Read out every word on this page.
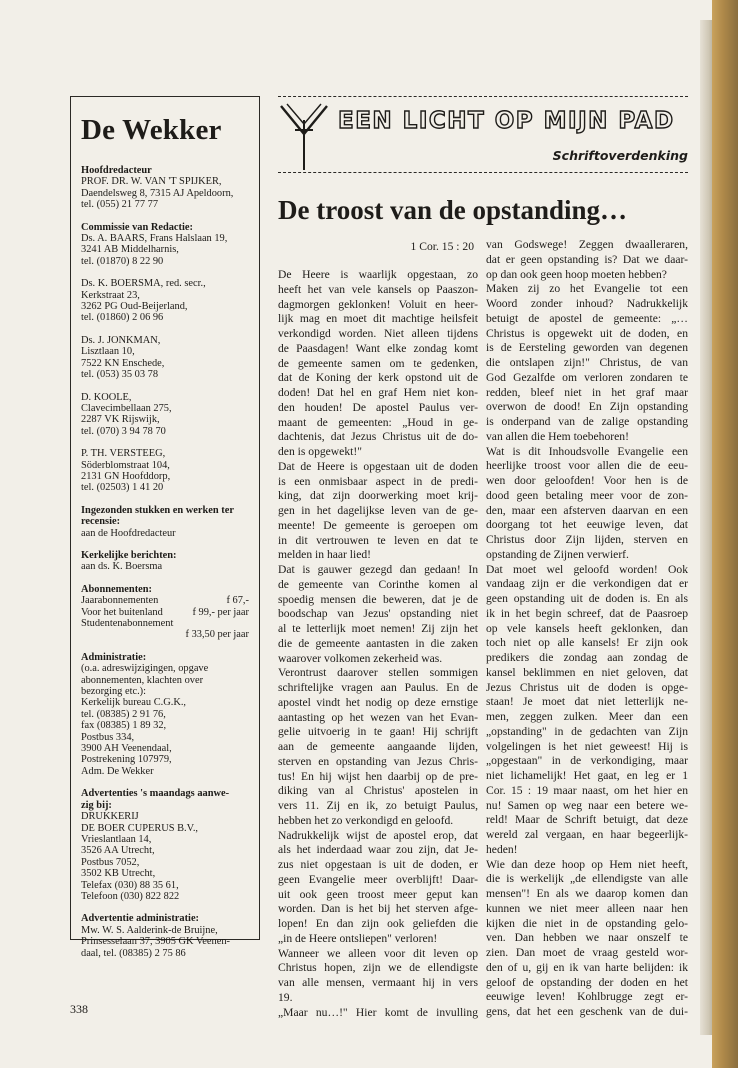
De Wekker
Hoofdredacteur
PROF. DR. W. VAN 'T SPIJKER,
Daendelsweg 8, 7315 AJ Apeldoorn,
tel. (055) 21 77 77
Commissie van Redactie:
Ds. A. BAARS, Frans Halslaan 19,
3241 AB Middelharnis,
tel. (01870) 8 22 90
Ds. K. BOERSMA, red. secr.,
Kerkstraat 23,
3262 PG Oud-Beijerland,
tel. (01860) 2 06 96
Ds. J. JONKMAN,
Lisztlaan 10,
7522 KN Enschede,
tel. (053) 35 03 78
D. KOOLE,
Clavecimbellaan 275,
2287 VK Rijswijk,
tel. (070) 3 94 78 70
P. TH. VERSTEEG,
Söderblomstraat 104,
2131 GN Hoofddorp,
tel. (02503) 1 41 20
Ingezonden stukken en werken ter
recensie:
aan de Hoofdredacteur
Kerkelijke berichten:
aan ds. K. Boersma
Abonnementen:
Jaarabonnementen	f 67,-
Voor het buitenland	f 99,- per jaar
Studentenabonnement
f 33,50 per jaar
Administratie:
(o.a. adreswijzigingen, opgave
abonnementen, klachten over
bezorging etc.):
Kerkelijk bureau C.G.K.,
tel. (08385) 2 91 76,
fax (08385) 1 89 32,
Postbus 334,
3900 AH Veenendaal,
Postrekening 107979,
Adm. De Wekker
Advertenties 's maandags aanwe-
zig bij:
DRUKKERIJ
DE BOER CUPERUS B.V.,
Vrieslantlaan 14,
3526 AA Utrecht,
Postbus 7052,
3502 KB Utrecht,
Telefax (030) 88 35 61,
Telefoon (030) 822 822
Advertentie administratie:
Mw. W. S. Aalderink-de Bruijne,
Prinsesselaan 37, 3905 GK Veenen-
daal, tel. (08385) 2 75 86
EEN LICHT OP MIJN PAD
Schriftoverdenking
De troost van de opstanding…
1 Cor. 15 : 20
De Heere is waarlijk opgestaan, zo
heeft het van vele kansels op Paaszon-
dagmorgen geklonken! Voluit en heer-
lijk mag en moet dit machtige heilsfeit
verkondigd worden. Niet alleen tijdens
de Paasdagen! Want elke zondag komt
de gemeente samen om te gedenken,
dat de Koning der kerk opstond uit de
doden! Dat hel en graf Hem niet kon-
den houden! De apostel Paulus ver-
maant de gemeenten: „Houd in ge-
dachtenis, dat Jezus Christus uit de do-
den is opgewekt!"
Dat de Heere is opgestaan uit de doden
is een onmisbaar aspect in de predi-
king, dat zijn doorwerking moet krij-
gen in het dagelijkse leven van de ge-
meente! De gemeente is geroepen om
in dit vertrouwen te leven en dat te
melden in haar lied!
Dat is gauwer gezegd dan gedaan! In
de gemeente van Corinthe komen al
spoedig mensen die beweren, dat je de
boodschap van Jezus' opstanding niet
al te letterlijk moet nemen! Zij zijn het
die de gemeente aantasten in die zaken
waarover volkomen zekerheid was.
Verontrust daarover stellen sommigen
schriftelijke vragen aan Paulus. En de
apostel vindt het nodig op deze ernstige
aantasting op het wezen van het Evan-
gelie uitvoerig in te gaan! Hij schrijft
aan de gemeente aangaande lijden,
sterven en opstanding van Jezus Chris-
tus! En hij wijst hen daarbij op de pre-
diking van al Christus' apostelen in
vers 11. Zij en ik, zo betuigt Paulus,
hebben het zo verkondigd en geloofd.
Nadrukkelijk wijst de apostel erop, dat
als het inderdaad waar zou zijn, dat Je-
zus niet opgestaan is uit de doden, er
geen Evangelie meer overblijft! Daar-
uit ook geen troost meer geput kan
worden. Dan is het bij het sterven afge-
lopen! En dan zijn ook geliefden die
„in de Heere ontsliepen" verloren!
Wanneer we alleen voor dit leven op
Christus hopen, zijn we de ellendigste
van alle mensen, vermaant hij in vers
19.
„Maar nu…!" Hier komt de invulling
van Godswege! Zeggen dwaalleraren,
dat er geen opstanding is? Dat we daar-
op dan ook geen hoop moeten hebben?
Maken zij zo het Evangelie tot een
Woord zonder inhoud? Nadrukkelijk
betuigt de apostel de gemeente: „…
Christus is opgewekt uit de doden, en
is de Eersteling geworden van degenen
die ontslapen zijn!" Christus, de van
God Gezalfde om verloren zondaren te
redden, bleef niet in het graf maar
overwon de dood! En Zijn opstanding
is onderpand van de zalige opstanding
van allen die Hem toebehoren!
Wat is dit Inhoudsvolle Evangelie een
heerlijke troost voor allen die de eeu-
wen door geloofden! Voor hen is de
dood geen betaling meer voor de zon-
den, maar een afsterven daarvan en een
doorgang tot het eeuwige leven, dat
Christus door Zijn lijden, sterven en
opstanding de Zijnen verwierf.
Dat moet wel geloofd worden! Ook
vandaag zijn er die verkondigen dat er
geen opstanding uit de doden is. En als
ik in het begin schreef, dat de Paasroep
op vele kansels heeft geklonken, dan
toch niet op alle kansels! Er zijn ook
predikers die zondag aan zondag de
kansel beklimmen en niet geloven, dat
Jezus Christus uit de doden is opge-
staan! Je moet dat niet letterlijk ne-
men, zeggen zulken. Meer dan een
„opstanding" in de gedachten van Zijn
volgelingen is het niet geweest! Hij is
„opgestaan" in de verkondiging, maar
niet lichamelijk! Het gaat, en leg er 1
Cor. 15 : 19 maar naast, om het hier en
nu! Samen op weg naar een betere we-
reld! Maar de Schrift betuigt, dat deze
wereld zal vergaan, en haar begeerlijk-
heden!
Wie dan deze hoop op Hem niet heeft,
die is werkelijk „de ellendigste van alle
mensen"! En als we daarop komen dan
kunnen we niet meer alleen naar hen
kijken die niet in de opstanding gelo-
ven. Dan hebben we naar onszelf te
zien. Dan moet de vraag gesteld wor-
den of u, gij en ik van harte belijden: ik
geloof de opstanding der doden en het
eeuwige leven! Kohlbrugge zegt er-
gens, dat het een geschenk van de dui-
338
